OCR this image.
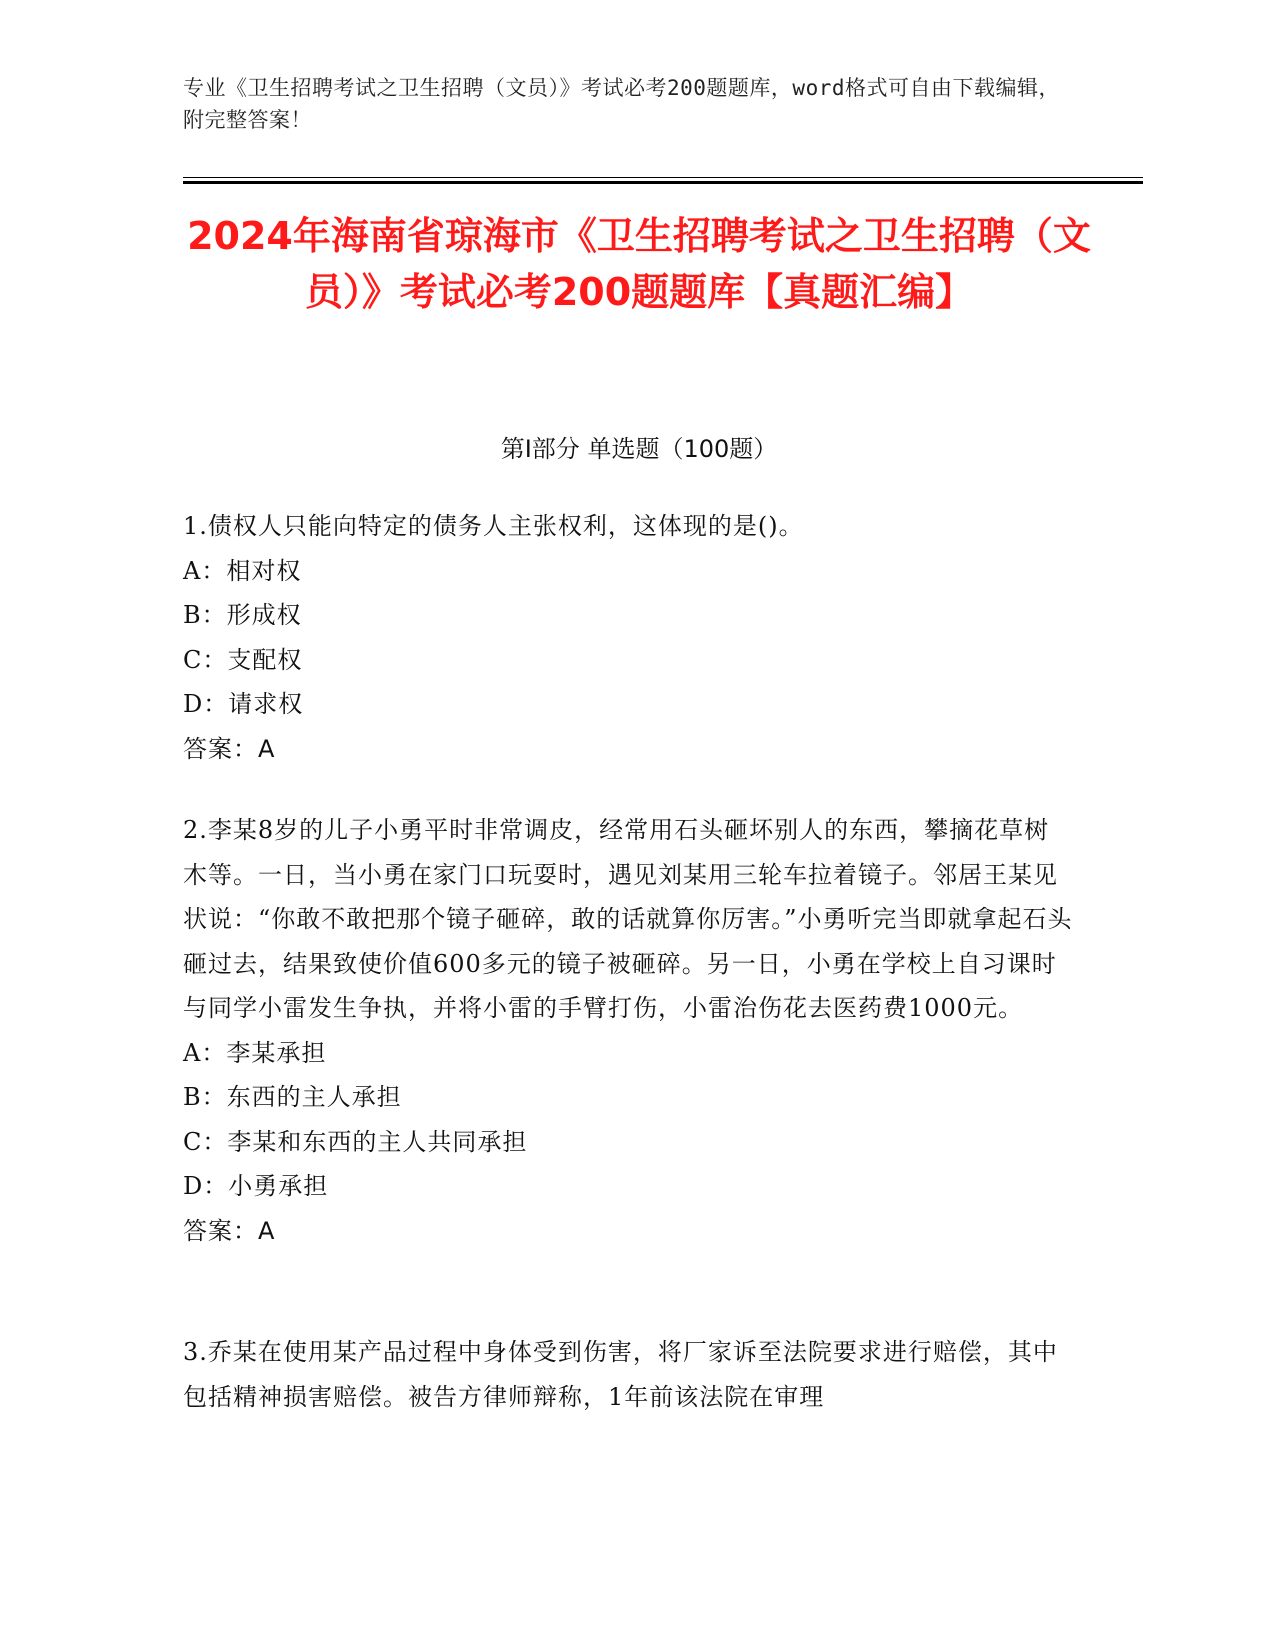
专业《卫生招聘考试之卫生招聘（文员）》考试必考200题题库，word格式可自由下载编辑，附完整答案！
2024年海南省琼海市《卫生招聘考试之卫生招聘（文员）》考试必考200题题库【真题汇编】
第I部分 单选题（100题）
1.债权人只能向特定的债务人主张权利，这体现的是()。
A：相对权
B：形成权
C：支配权
D：请求权
答案：A
2.李某8岁的儿子小勇平时非常调皮，经常用石头砸坏别人的东西，攀摘花草树木等。一日，当小勇在家门口玩耍时，遇见刘某用三轮车拉着镜子。邻居王某见状说：“你敢不敢把那个镜子砸碎，敢的话就算你厉害。”小勇听完当即就拿起石头砸过去，结果致使价值600多元的镜子被砸碎。另一日，小勇在学校上自习课时与同学小雷发生争执，并将小雷的手臂打伤，小雷治伤花去医药费1000元。
A：李某承担
B：东西的主人承担
C：李某和东西的主人共同承担
D：小勇承担
答案：A
3.乔某在使用某产品过程中身体受到伤害，将厂家诉至法院要求进行赔偿，其中包括精神损害赔偿。被告方律师辩称，1年前该法院在审理
